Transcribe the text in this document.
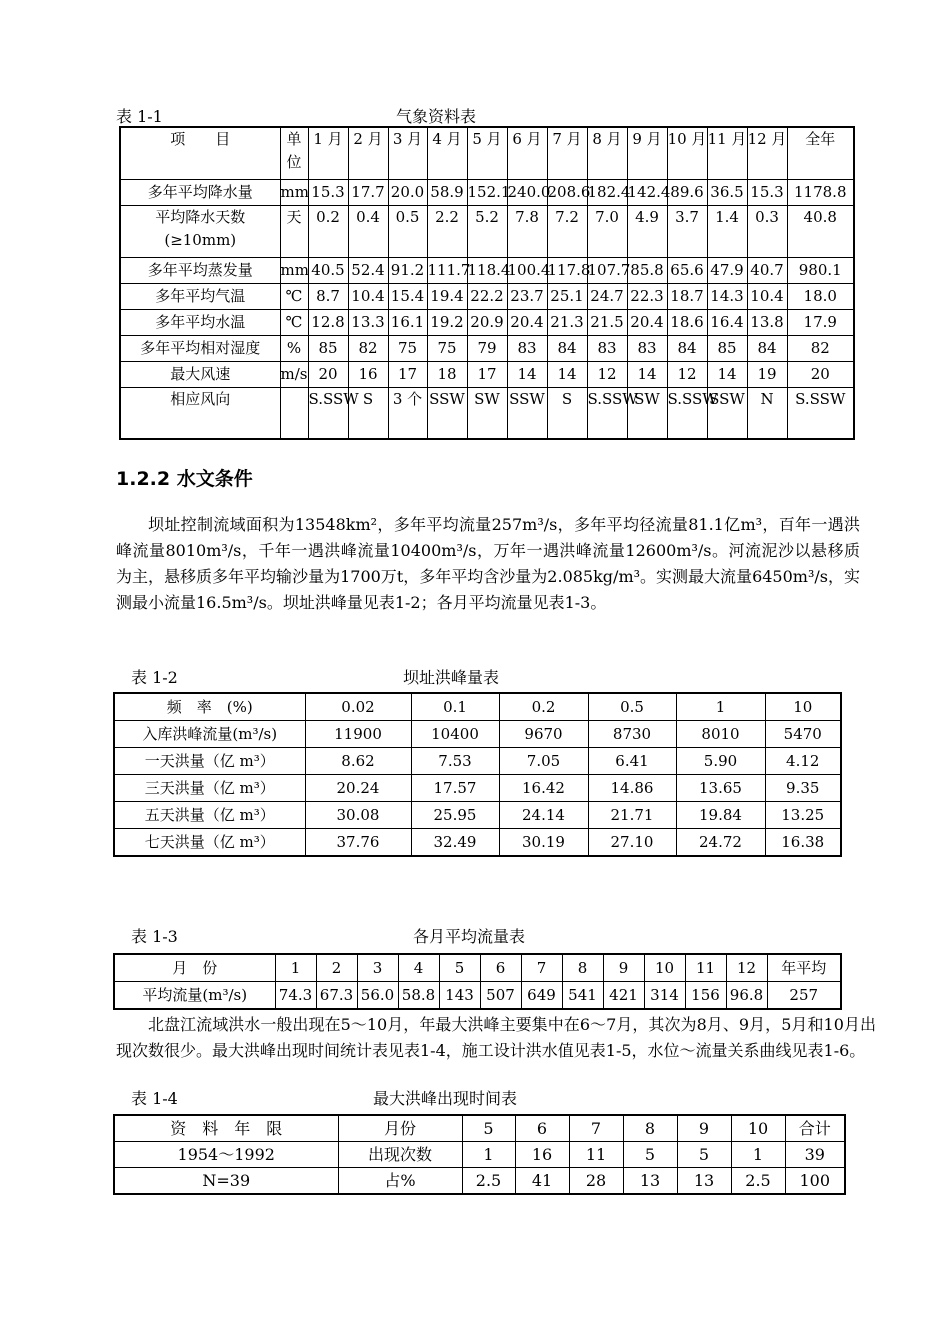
表 1-1	气象资料表
项　　目	单位	1 月	2 月	3 月	4 月	5 月	6 月	7 月	8 月	9 月	10 月	11 月	12 月	全年
多年平均降水量	mm	15.3	17.7	20.0	58.9	152.1	240.0	208.6	182.4	142.4	89.6	36.5	15.3	1178.8
平均降水天数(≥10mm)	天	0.2	0.4	0.5	2.2	5.2	7.8	7.2	7.0	4.9	3.7	1.4	0.3	40.8
多年平均蒸发量	mm	40.5	52.4	91.2	111.7	118.4	100.4	117.8	107.7	85.8	65.6	47.9	40.7	980.1
多年平均气温	℃	8.7	10.4	15.4	19.4	22.2	23.7	25.1	24.7	22.3	18.7	14.3	10.4	18.0
多年平均水温	℃	12.8	13.3	16.1	19.2	20.9	20.4	21.3	21.5	20.4	18.6	16.4	13.8	17.9
多年平均相对湿度	%	85	82	75	75	79	83	84	83	83	84	85	84	82
最大风速	m/s	20	16	17	18	17	14	14	12	14	12	14	19	20
相应风向		S.SSW	S	3 个	SSW	SW	SSW	S	S.SSW	SW	S.SSW	SSW	N	S.SSW
1.2.2 水文条件
坝址控制流域面积为13548km²，多年平均流量257m³/s，多年平均径流量81.1亿m³，百年一遇洪峰流量8010m³/s，千年一遇洪峰流量10400m³/s，万年一遇洪峰流量12600m³/s。河流泥沙以悬移质为主，悬移质多年平均输沙量为1700万t，多年平均含沙量为2.085kg/m³。实测最大流量6450m³/s，实测最小流量16.5m³/s。坝址洪峰量见表1-2；各月平均流量见表1-3。
表 1-2	坝址洪峰量表
频　率　(%)	0.02	0.1	0.2	0.5	1	10
入库洪峰流量(m³/s)	11900	10400	9670	8730	8010	5470
一天洪量（亿 m³）	8.62	7.53	7.05	6.41	5.90	4.12
三天洪量（亿 m³）	20.24	17.57	16.42	14.86	13.65	9.35
五天洪量（亿 m³）	30.08	25.95	24.14	21.71	19.84	13.25
七天洪量（亿 m³）	37.76	32.49	30.19	27.10	24.72	16.38
表 1-3	各月平均流量表
月　份	1	2	3	4	5	6	7	8	9	10	11	12	年平均
平均流量(m³/s)	74.3	67.3	56.0	58.8	143	507	649	541	421	314	156	96.8	257
北盘江流域洪水一般出现在5～10月，年最大洪峰主要集中在6～7月，其次为8月、9月，5月和10月出现次数很少。最大洪峰出现时间统计表见表1-4，施工设计洪水值见表1-5，水位～流量关系曲线见表1-6。
表 1-4	最大洪峰出现时间表
资　料　年　限	月份	5	6	7	8	9	10	合计
1954～1992	出现次数	1	16	11	5	5	1	39
N=39	占%	2.5	41	28	13	13	2.5	100
